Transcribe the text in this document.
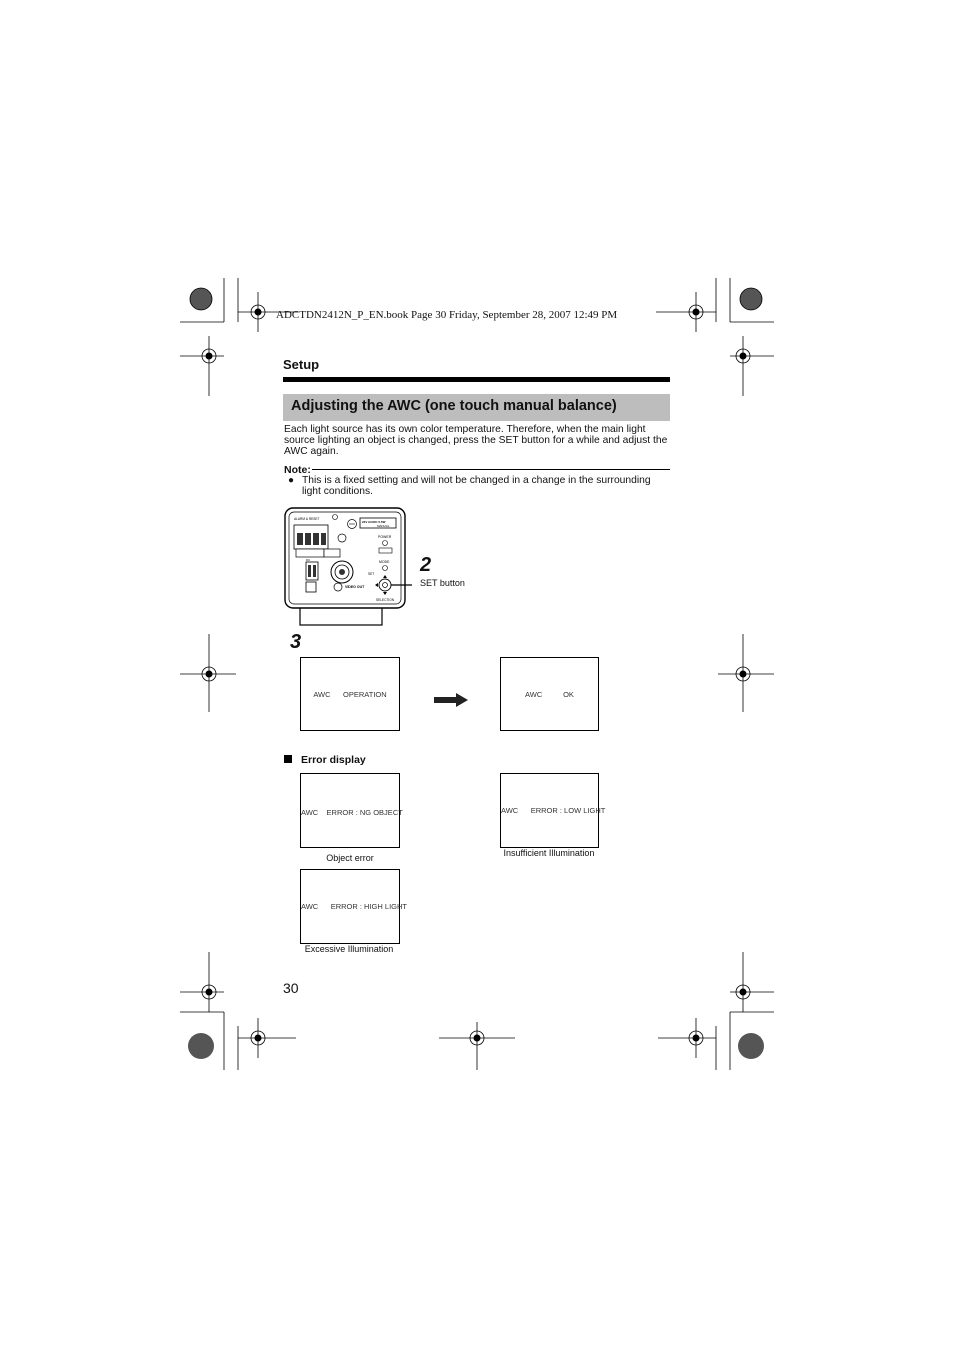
ADCTDN2412N_P_EN.book Page 30 Friday, September 28, 2007 12:49 PM
Setup
Adjusting the AWC (one touch manual balance)
Each light source has its own color temperature. Therefore, when the main light source lighting an object is changed, press the SET button for a while and adjust the AWC again.
Note:
● This is a fixed setting and will not be changed in a change in the surrounding light conditions.
ALARM & RESET
24V AC/DC 5.5W
MANUAL
DC
VIDEO OUT
POWER
MODE
SET
SELECTION
2
SET button
3
AWC      OPERATION	AWC          OK
Error display
AWC    ERROR : NG OBJECT
Object error
AWC      ERROR : LOW LIGHT
Insufficient Illumination
AWC      ERROR : HIGH LIGHT
Excessive Illumination
30
